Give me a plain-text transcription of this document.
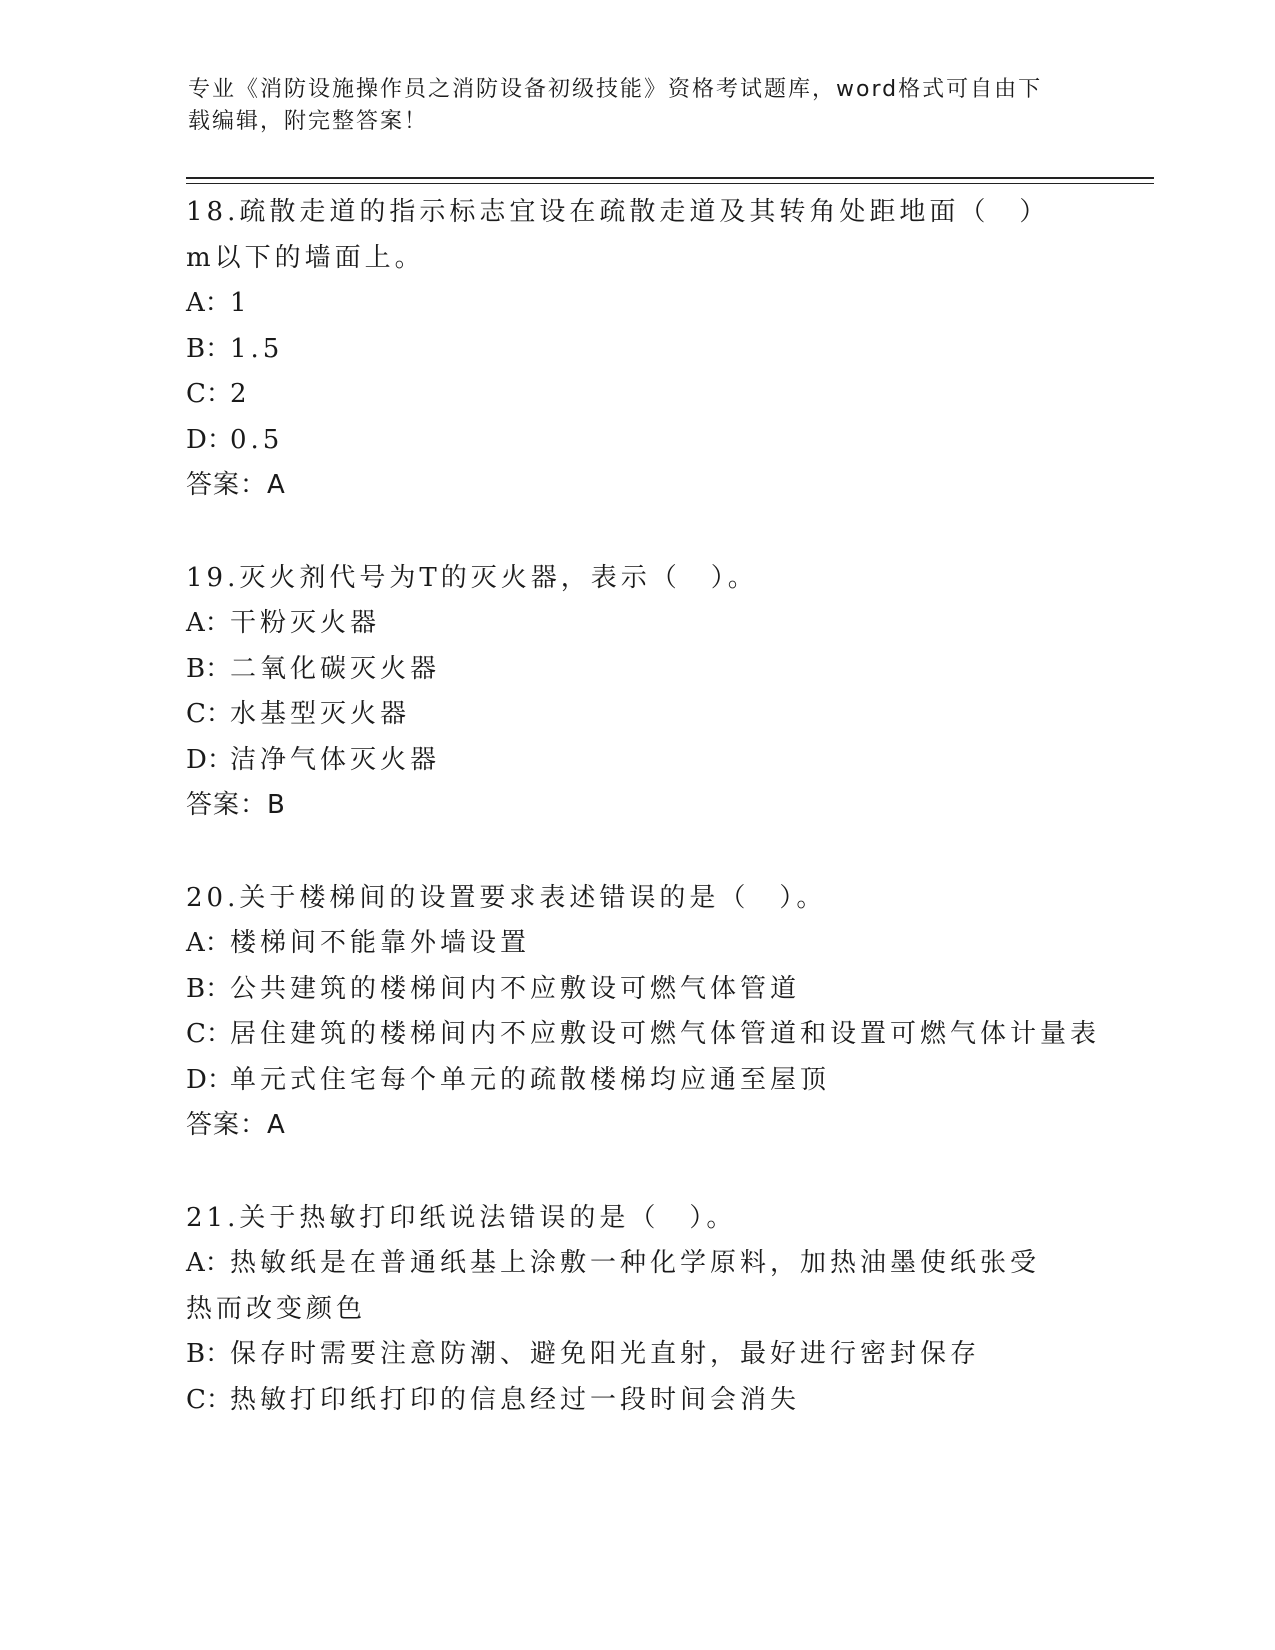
专业《消防设施操作员之消防设备初级技能》资格考试题库，word格式可自由下
载编辑，附完整答案！
18.疏散走道的指示标志宜设在疏散走道及其转角处距地面（　）m以下的墙面上。
A：1
B：1.5
C：2
D：0.5
答案：A
19.灭火剂代号为T的灭火器，表示（　）。
A：干粉灭火器
B：二氧化碳灭火器
C：水基型灭火器
D：洁净气体灭火器
答案：B
20.关于楼梯间的设置要求表述错误的是（　）。
A：楼梯间不能靠外墙设置
B：公共建筑的楼梯间内不应敷设可燃气体管道
C：居住建筑的楼梯间内不应敷设可燃气体管道和设置可燃气体计量表
D：单元式住宅每个单元的疏散楼梯均应通至屋顶
答案：A
21.关于热敏打印纸说法错误的是（　）。
A：热敏纸是在普通纸基上涂敷一种化学原料，加热油墨使纸张受热而改变颜色
B：保存时需要注意防潮、避免阳光直射，最好进行密封保存
C：热敏打印纸打印的信息经过一段时间会消失
